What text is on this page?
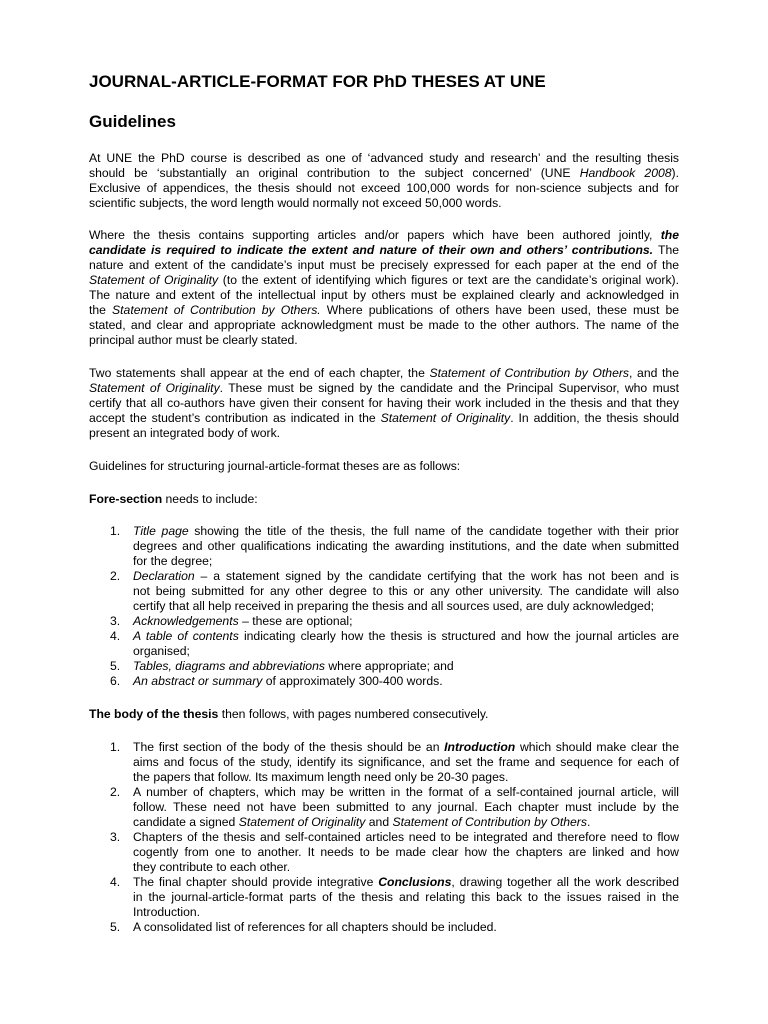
JOURNAL-ARTICLE-FORMAT FOR PhD THESES AT UNE
Guidelines
At UNE the PhD course is described as one of ‘advanced study and research’ and the resulting thesis
should be ‘substantially an original contribution to the subject concerned’ (UNE Handbook 2008).
Exclusive of appendices, the thesis should not exceed 100,000 words for non-science subjects and for
scientific subjects, the word length would normally not exceed 50,000 words.
Where the thesis contains supporting articles and/or papers which have been authored jointly, the
candidate is required to indicate the extent and nature of their own and others’ contributions. The
nature and extent of the candidate’s input must be precisely expressed for each paper at the end of the
Statement of Originality (to the extent of identifying which figures or text are the candidate’s original work).
The nature and extent of the intellectual input by others must be explained clearly and acknowledged in
the Statement of Contribution by Others. Where publications of others have been used, these must be
stated, and clear and appropriate acknowledgment must be made to the other authors. The name of the
principal author must be clearly stated.
Two statements shall appear at the end of each chapter, the Statement of Contribution by Others, and the
Statement of Originality. These must be signed by the candidate and the Principal Supervisor, who must
certify that all co-authors have given their consent for having their work included in the thesis and that they
accept the student’s contribution as indicated in the Statement of Originality. In addition, the thesis should
present an integrated body of work.
Guidelines for structuring journal-article-format theses are as follows:
Fore-section needs to include:
1. Title page showing the title of the thesis, the full name of the candidate together with their prior
degrees and other qualifications indicating the awarding institutions, and the date when submitted
for the degree;
2. Declaration – a statement signed by the candidate certifying that the work has not been and is
not being submitted for any other degree to this or any other university. The candidate will also
certify that all help received in preparing the thesis and all sources used, are duly acknowledged;
3. Acknowledgements – these are optional;
4. A table of contents indicating clearly how the thesis is structured and how the journal articles are
organised;
5. Tables, diagrams and abbreviations where appropriate; and
6. An abstract or summary of approximately 300-400 words.
The body of the thesis then follows, with pages numbered consecutively.
1. The first section of the body of the thesis should be an Introduction which should make clear the
aims and focus of the study, identify its significance, and set the frame and sequence for each of
the papers that follow. Its maximum length need only be 20-30 pages.
2. A number of chapters, which may be written in the format of a self-contained journal article, will
follow. These need not have been submitted to any journal. Each chapter must include by the
candidate a signed Statement of Originality and Statement of Contribution by Others.
3. Chapters of the thesis and self-contained articles need to be integrated and therefore need to flow
cogently from one to another. It needs to be made clear how the chapters are linked and how
they contribute to each other.
4. The final chapter should provide integrative Conclusions, drawing together all the work described
in the journal-article-format parts of the thesis and relating this back to the issues raised in the
Introduction.
5. A consolidated list of references for all chapters should be included.
